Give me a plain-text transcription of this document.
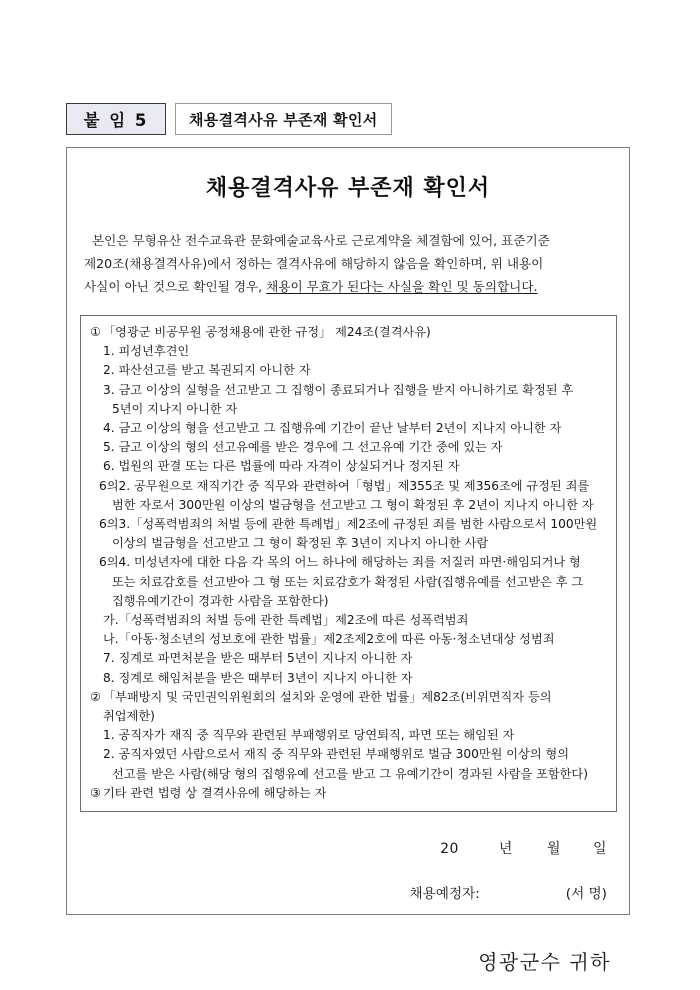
붙 임 5	채용결격사유 부존재 확인서
채용결격사유 부존재 확인서
본인은 무형유산 전수교육관 문화예술교육사로 근로계약을 체결함에 있어, 표준기준
제20조(채용결격사유)에서 정하는 결격사유에 해당하지 않음을 확인하며, 위 내용이
사실이 아닌 것으로 확인될 경우, 채용이 무효가 된다는 사실을 확인 및 동의합니다.
① 「영광군 비공무원 공정채용에 관한 규정」 제24조(결격사유)
1. 피성년후견인
2. 파산선고를 받고 복권되지 아니한 자
3. 금고 이상의 실형을 선고받고 그 집행이 종료되거나 집행을 받지 아니하기로 확정된 후 5년이 지나지 아니한 자
4. 금고 이상의 형을 선고받고 그 집행유예 기간이 끝난 날부터 2년이 지나지 아니한 자
5. 금고 이상의 형의 선고유예를 받은 경우에 그 선고유예 기간 중에 있는 자
6. 법원의 판결 또는 다른 법률에 따라 자격이 상실되거나 정지된 자
6의2. 공무원으로 재직기간 중 직무와 관련하여「형법」제355조 및 제356조에 규정된 죄를 범한 자로서 300만원 이상의 벌금형을 선고받고 그 형이 확정된 후 2년이 지나지 아니한 자
6의3.「성폭력범죄의 처벌 등에 관한 특례법」제2조에 규정된 죄를 범한 사람으로서 100만원 이상의 벌금형을 선고받고 그 형이 확정된 후 3년이 지나지 아니한 사람
6의4. 미성년자에 대한 다음 각 목의 어느 하나에 해당하는 죄를 저질러 파면·해임되거나 형 또는 치료감호를 선고받아 그 형 또는 치료감호가 확정된 사람(집행유예를 선고받은 후 그 집행유예기간이 경과한 사람을 포함한다)
가.「성폭력범죄의 처벌 등에 관한 특례법」제2조에 따른 성폭력범죄
나.「아동·청소년의 성보호에 관한 법률」제2조제2호에 따른 아동·청소년대상 성범죄
7. 징계로 파면처분을 받은 때부터 5년이 지나지 아니한 자
8. 징계로 해임처분을 받은 때부터 3년이 지나지 아니한 자
② 「부패방지 및 국민권익위원회의 설치와 운영에 관한 법률」제82조(비위면직자 등의 취업제한)
1. 공직자가 재직 중 직무와 관련된 부패행위로 당연퇴직, 파면 또는 해임된 자
2. 공직자였던 사람으로서 재직 중 직무와 관련된 부패행위로 벌금 300만원 이상의 형의 선고를 받은 사람(해당 형의 집행유예 선고를 받고 그 유예기간이 경과된 사람을 포함한다)
③ 기타 관련 법령 상 결격사유에 해당하는 자
20	년 월 일
채용예정자:	(서 명)
영광군수 귀하
